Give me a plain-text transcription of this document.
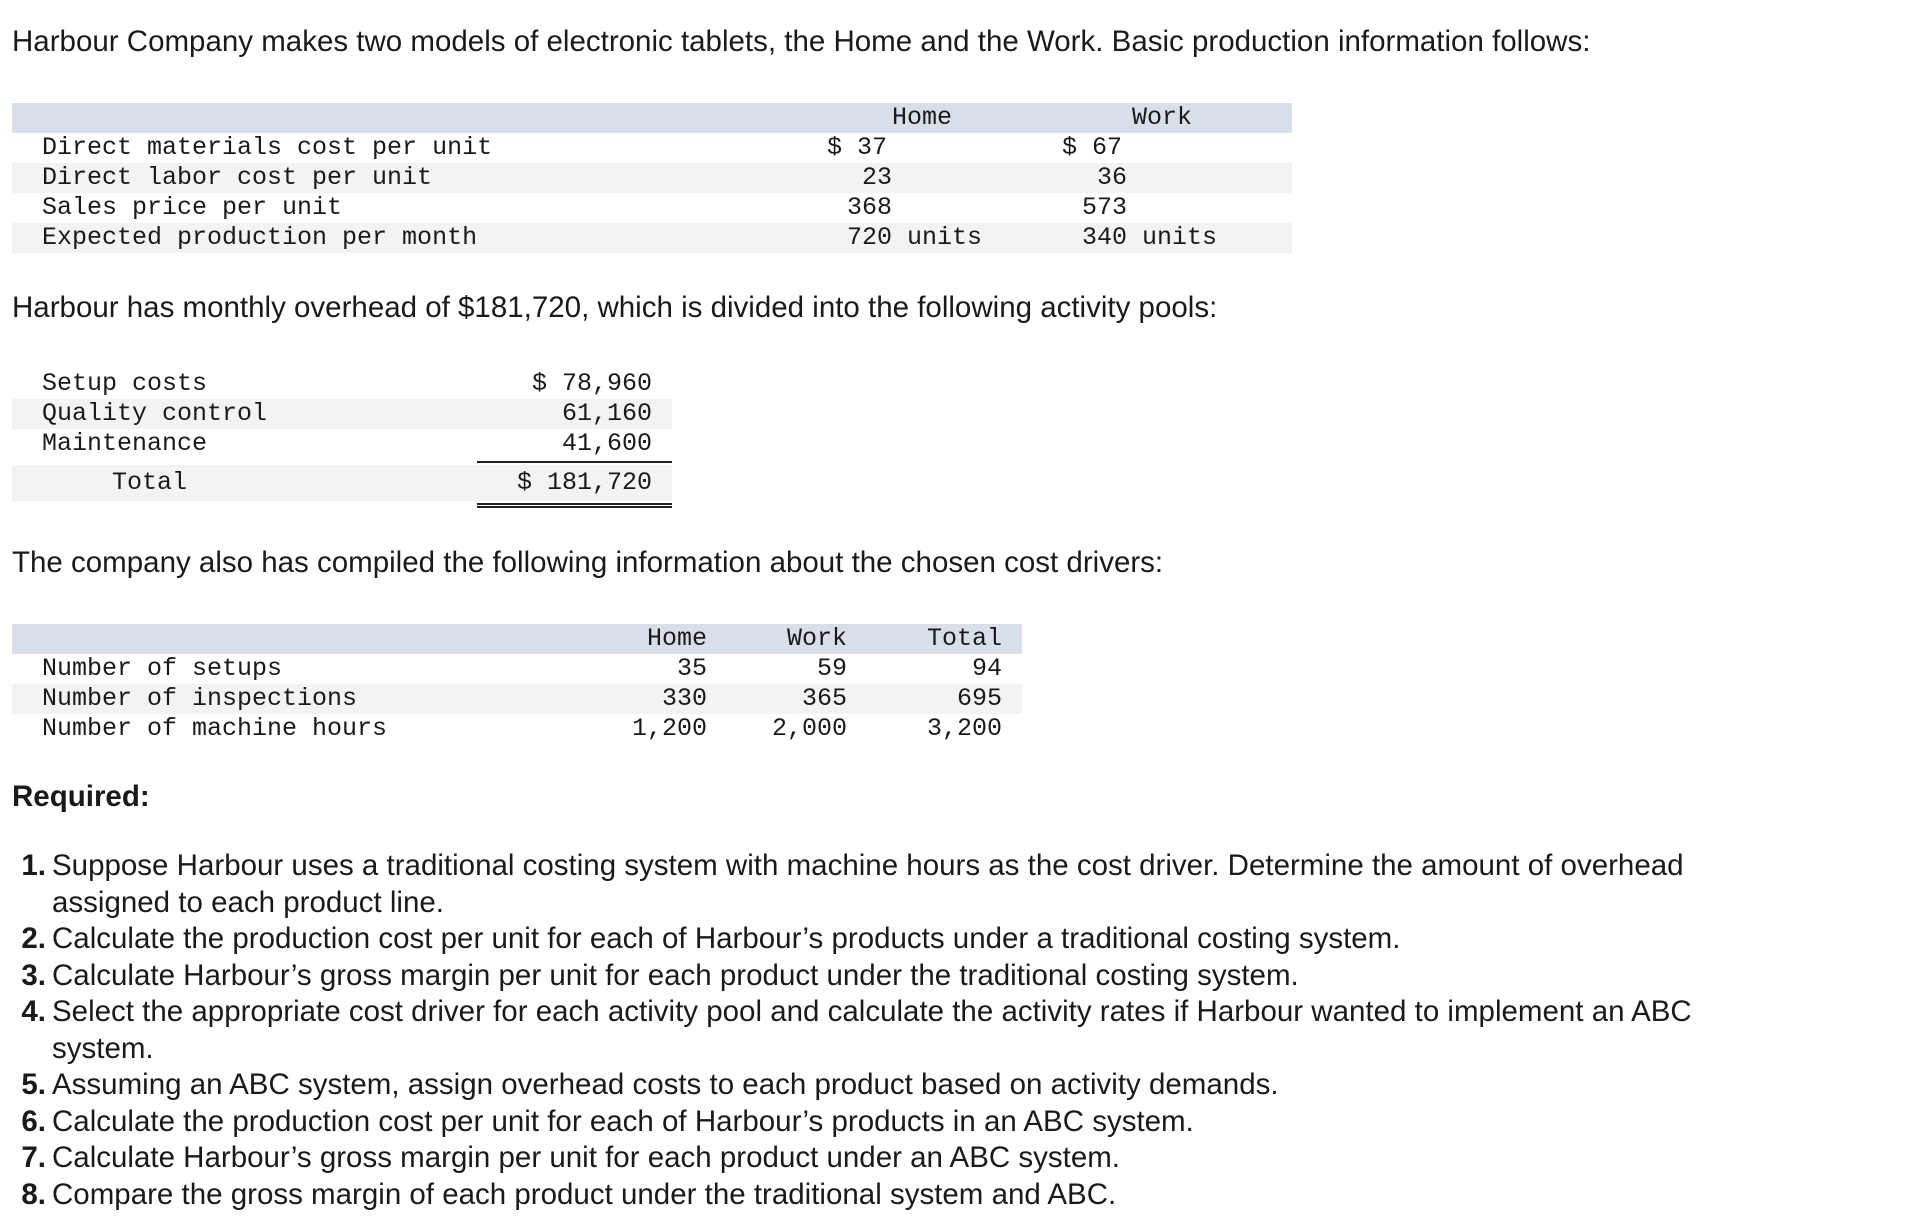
Harbour Company makes two models of electronic tablets, the Home and the Work. Basic production information follows:
Home	Work
Direct materials cost per unit	$ 37	$ 67
Direct labor cost per unit	23	36
Sales price per unit	368	573
Expected production per month	720 units	340 units
Harbour has monthly overhead of $181,720, which is divided into the following activity pools:
Setup costs	$ 78,960
Quality control	61,160
Maintenance	41,600
Total	$ 181,720
The company also has compiled the following information about the chosen cost drivers:
Home	Work	Total
Number of setups	35	59	94
Number of inspections	330	365	695
Number of machine hours	1,200	2,000	3,200
Required:
1. Suppose Harbour uses a traditional costing system with machine hours as the cost driver. Determine the amount of overhead
assigned to each product line.
2. Calculate the production cost per unit for each of Harbour’s products under a traditional costing system.
3. Calculate Harbour’s gross margin per unit for each product under the traditional costing system.
4. Select the appropriate cost driver for each activity pool and calculate the activity rates if Harbour wanted to implement an ABC
system.
5. Assuming an ABC system, assign overhead costs to each product based on activity demands.
6. Calculate the production cost per unit for each of Harbour’s products in an ABC system.
7. Calculate Harbour’s gross margin per unit for each product under an ABC system.
8. Compare the gross margin of each product under the traditional system and ABC.
